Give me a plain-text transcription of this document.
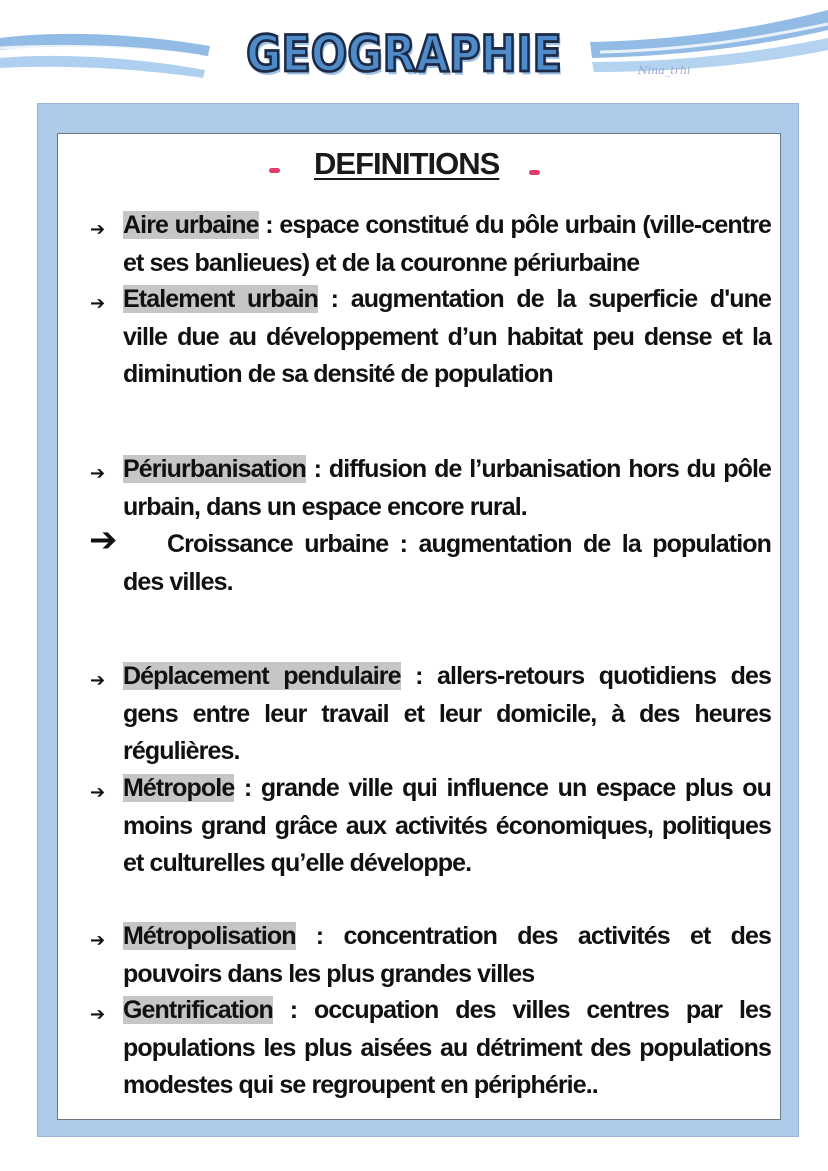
GEOGRAPHIE	Nina_trhi
DEFINITIONS
➔ Aire urbaine : espace constitué du pôle urbain (ville-centre et ses banlieues) et de la couronne périurbaine
➔ Etalement urbain : augmentation de la superficie d'une ville due au développement d’un habitat peu dense et la diminution de sa densité de population
➔ Périurbanisation : diffusion de l’urbanisation hors du pôle urbain, dans un espace encore rural.
➔	Croissance urbaine : augmentation de la population des villes.
➔ Déplacement pendulaire : allers-retours quotidiens des gens entre leur travail et leur domicile, à des heures régulières.
➔ Métropole : grande ville qui influence un espace plus ou moins grand grâce aux activités économiques, politiques et culturelles qu’elle développe.
➔ Métropolisation : concentration des activités et des pouvoirs dans les plus grandes villes
➔ Gentrification : occupation des villes centres par les populations les plus aisées au détriment des populations modestes qui se regroupent en périphérie..
